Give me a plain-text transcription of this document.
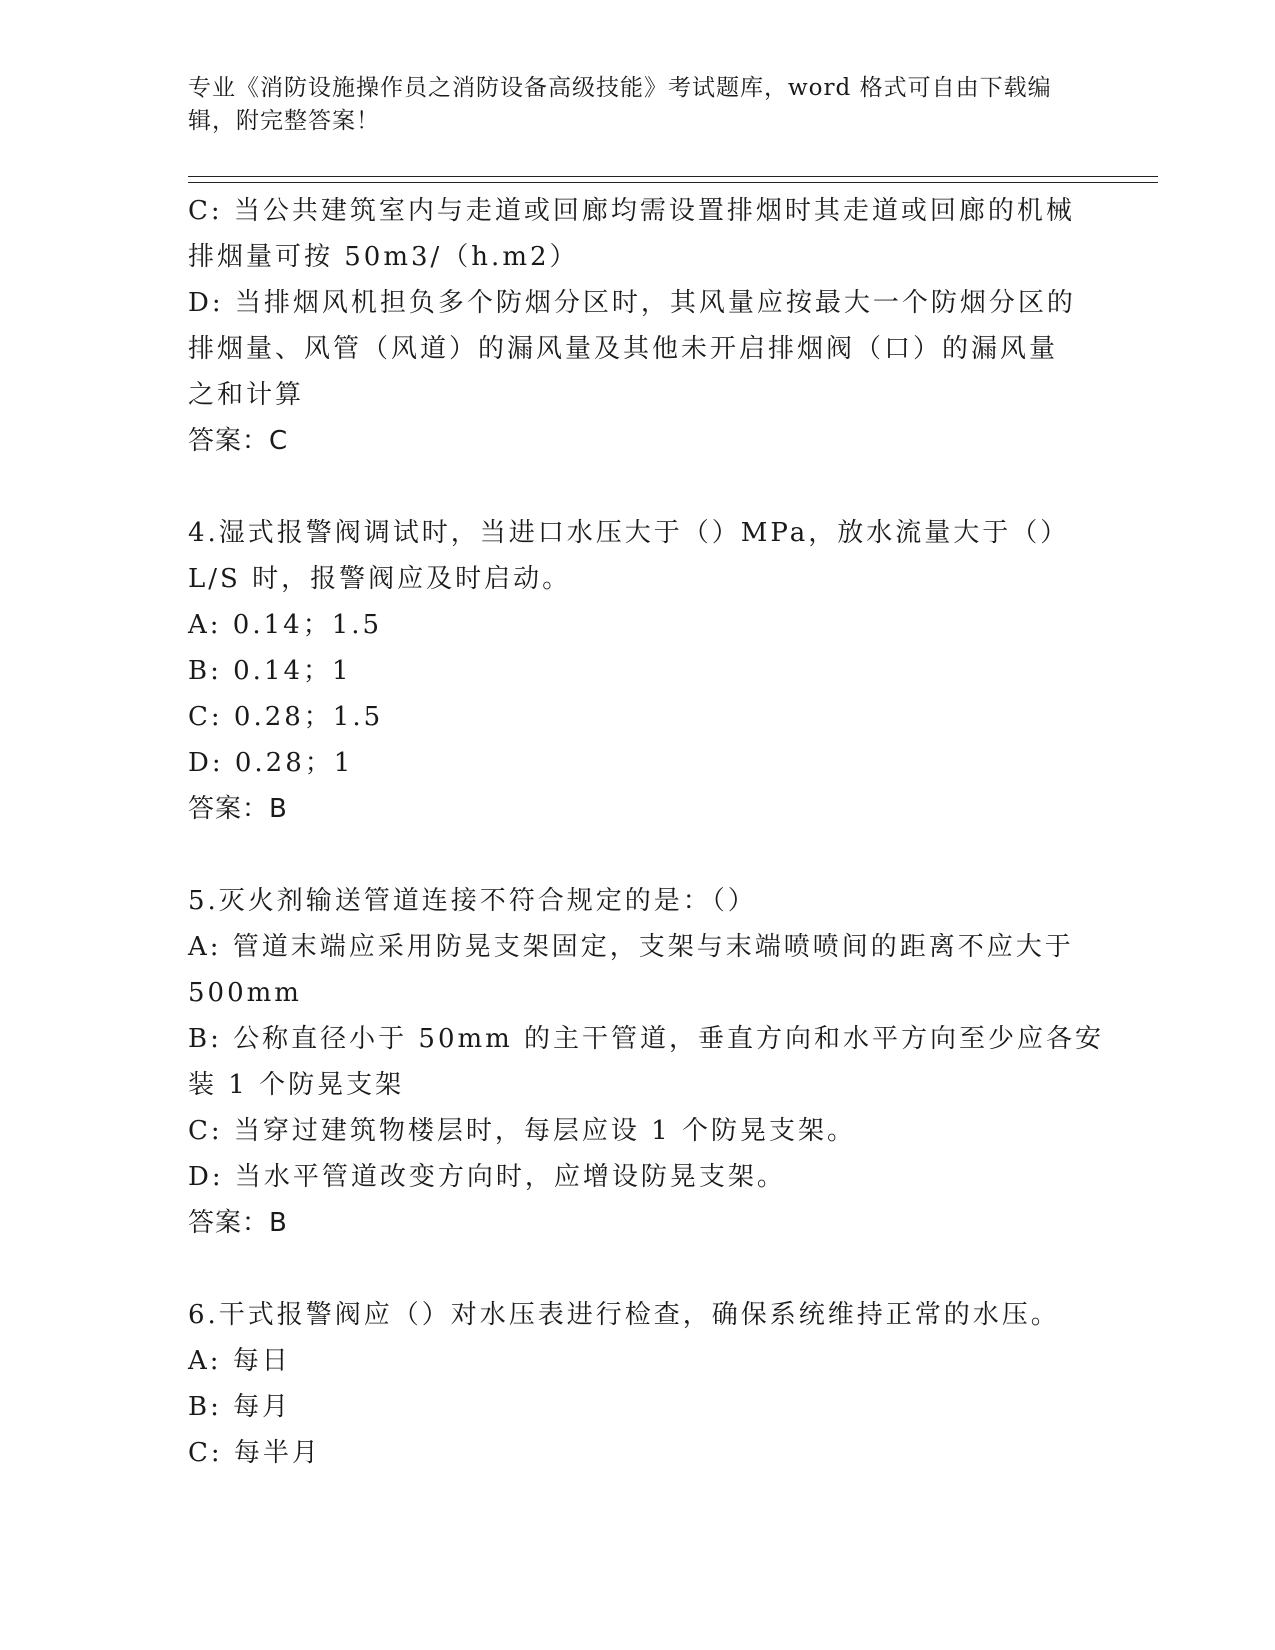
专业《消防设施操作员之消防设备高级技能》考试题库，word 格式可自由下载编
辑，附完整答案！
C: 当公共建筑室内与走道或回廊均需设置排烟时其走道或回廊的机械
排烟量可按 50m3/（h.m2）
D: 当排烟风机担负多个防烟分区时，其风量应按最大一个防烟分区的
排烟量、风管（风道）的漏风量及其他未开启排烟阀（口）的漏风量
之和计算
答案：C
4.湿式报警阀调试时，当进口水压大于（）MPa，放水流量大于（）
L/S 时，报警阀应及时启动。
A: 0.14；1.5
B: 0.14；1
C: 0.28；1.5
D: 0.28；1
答案：B
5.灭火剂输送管道连接不符合规定的是：（）
A: 管道末端应采用防晃支架固定，支架与末端喷喷间的距离不应大于
500mm
B: 公称直径小于 50mm 的主干管道，垂直方向和水平方向至少应各安
装 1 个防晃支架
C: 当穿过建筑物楼层时，每层应设 1 个防晃支架。
D: 当水平管道改变方向时，应增设防晃支架。
答案：B
6.干式报警阀应（）对水压表进行检查，确保系统维持正常的水压。
A: 每日
B: 每月
C: 每半月
